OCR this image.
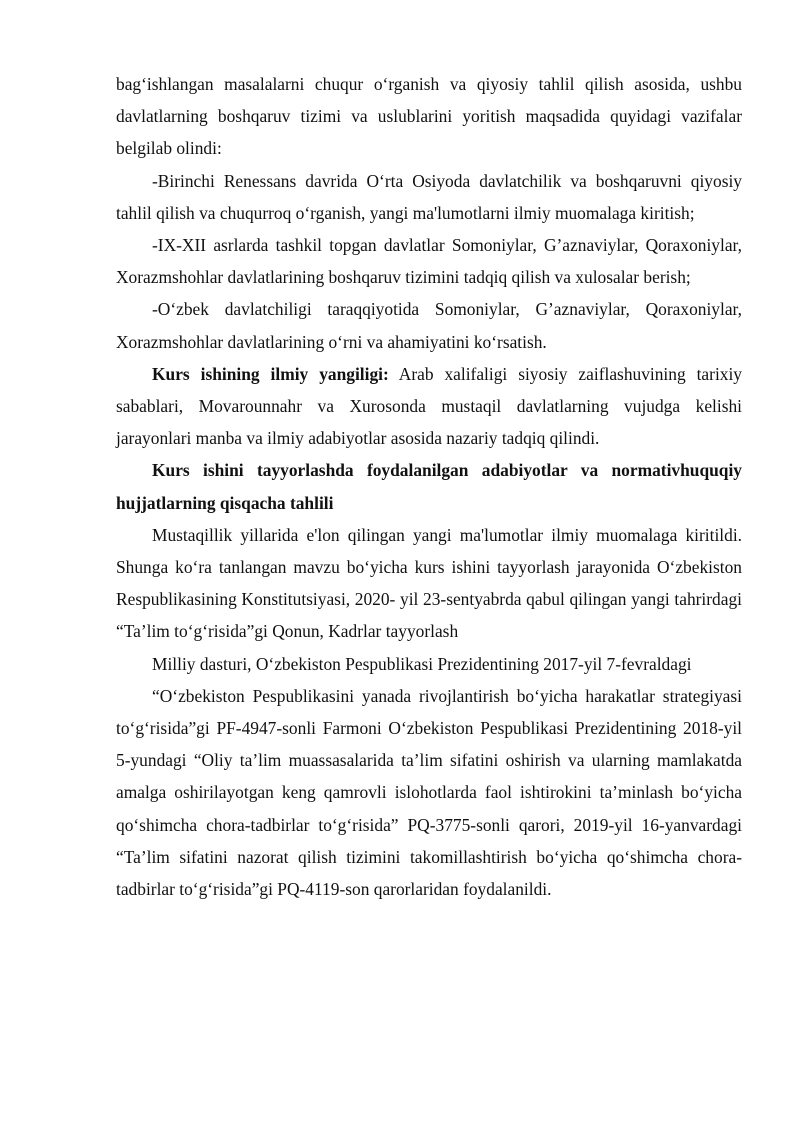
bag‘ishlangan masalalarni chuqur o‘rganish va qiyosiy tahlil qilish asosida, ushbu davlatlarning boshqaruv tizimi va uslublarini yoritish maqsadida quyidagi vazifalar belgilab olindi:

-Birinchi Renessans davrida O‘rta Osiyoda davlatchilik va boshqaruvni qiyosiy tahlil qilish va chuqurroq o‘rganish, yangi ma'lumotlarni ilmiy muomalaga kiritish;

-IX-XII asrlarda tashkil topgan davlatlar Somoniylar, G’aznaviylar, Qoraxoniylar, Xorazmshohlar davlatlarining boshqaruv tizimini tadqiq qilish va xulosalar berish;

-O‘zbek davlatchiligi taraqqiyotida Somoniylar, G’aznaviylar, Qoraxoniylar, Xorazmshohlar davlatlarining o‘rni va ahamiyatini ko‘rsatish.

Kurs ishining ilmiy yangiligi: Arab xalifaligi siyosiy zaiflashuvining tarixiy sabablari, Movarounnahr va Xurosonda mustaqil davlatlarning vujudga kelishi jarayonlari manba va ilmiy adabiyotlar asosida nazariy tadqiq qilindi.

Kurs ishini tayyorlashda foydalanilgan adabiyotlar va normativhuquqiy hujjatlarning qisqacha tahlili

Mustaqillik yillarida e'lon qilingan yangi ma'lumotlar ilmiy muomalaga kiritildi. Shunga ko‘ra tanlangan mavzu bo‘yicha kurs ishini tayyorlash jarayonida O‘zbekiston Respublikasining Konstitutsiyasi, 2020- yil 23-sentyabrda qabul qilingan yangi tahrirdagi “Ta’lim to‘g‘risida”gi Qonun, Kadrlar tayyorlash

Milliy dasturi, O‘zbekiston Pespublikasi Prezidentining 2017-yil 7-fevraldagi

“O‘zbekiston Pespublikasini yanada rivojlantirish bo‘yicha harakatlar strategiyasi to‘g‘risida”gi PF-4947-sonli Farmoni O‘zbekiston Pespublikasi Prezidentining 2018-yil 5-yundagi “Oliy ta’lim muassasalarida ta’lim sifatini oshirish va ularning mamlakatda amalga oshirilayotgan keng qamrovli islohotlarda faol ishtirokini ta’minlash bo‘yicha qo‘shimcha chora-tadbirlar to‘g‘risida” PQ-3775-sonli qarori, 2019-yil 16-yanvardagi “Ta’lim sifatini nazorat qilish tizimini takomillashtirish bo‘yicha qo‘shimcha chora-tadbirlar to‘g‘risida”gi PQ-4119-son qarorlaridan foydalanildi.
